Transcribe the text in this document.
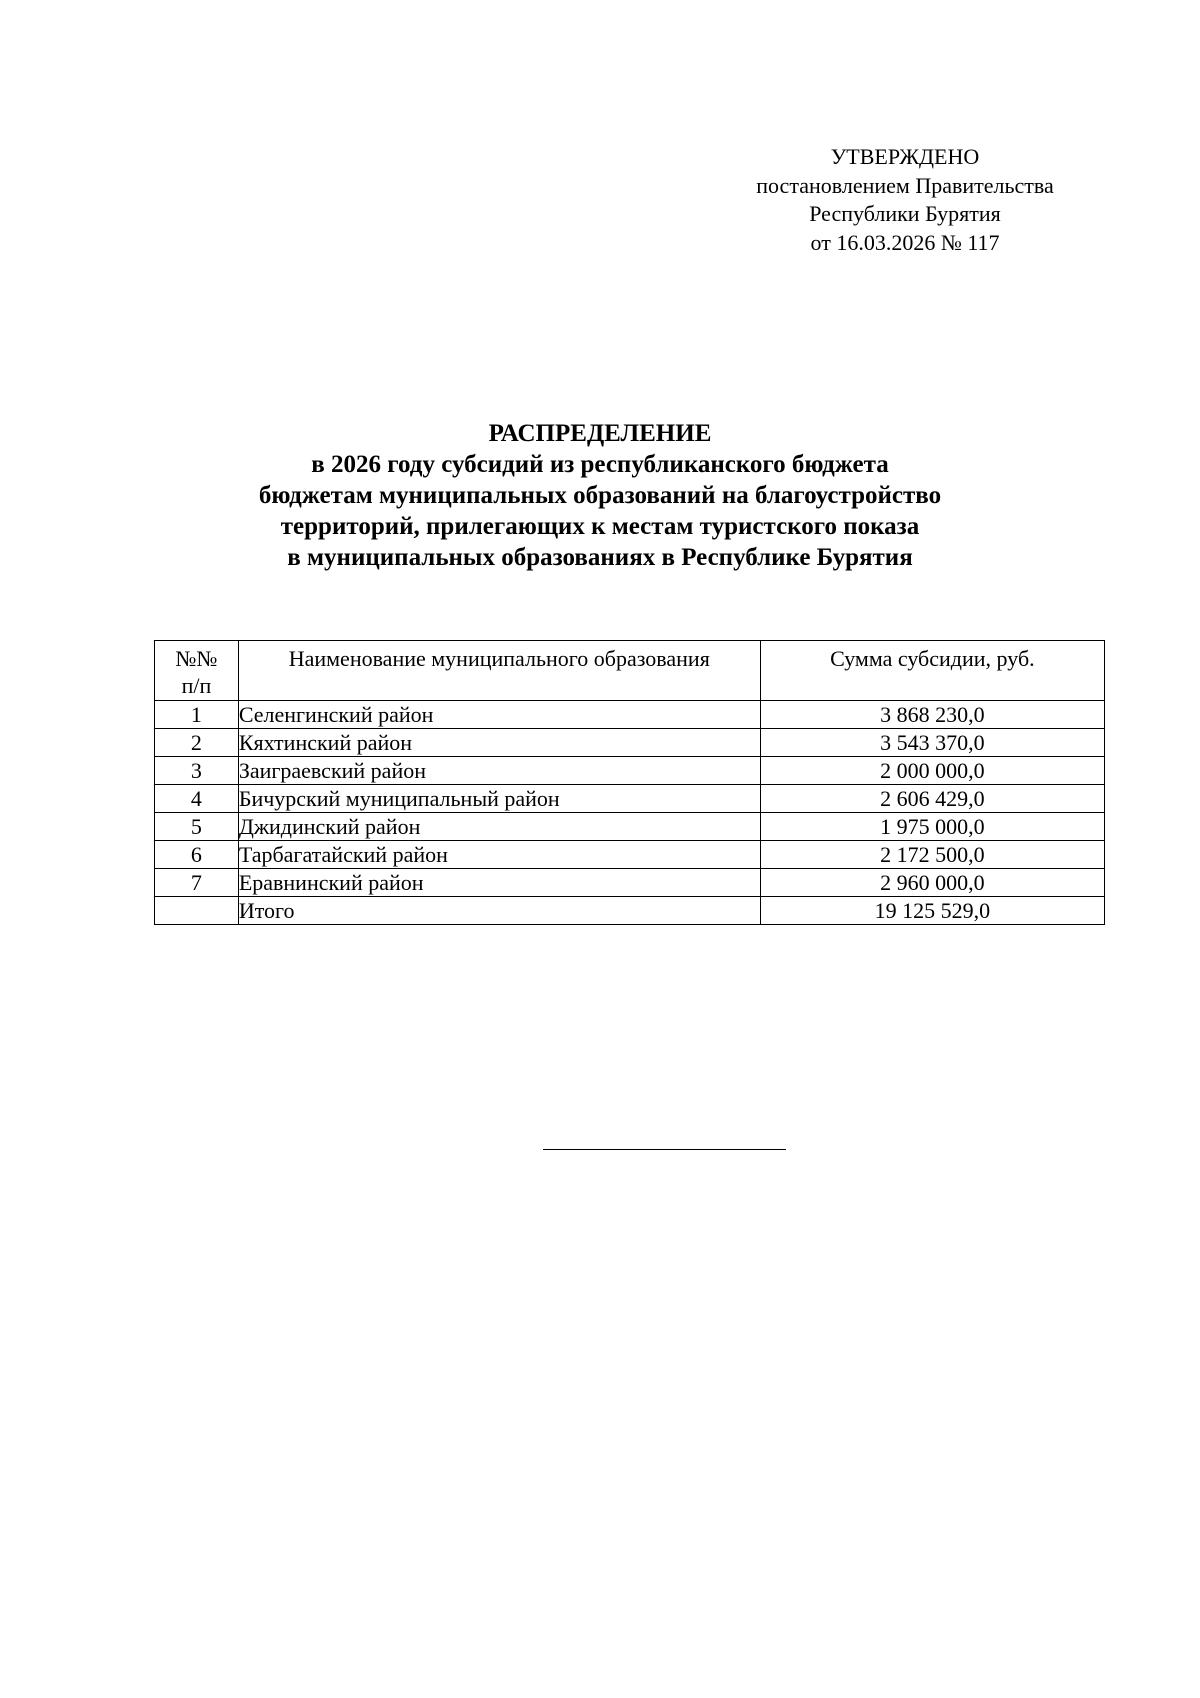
УТВЕРЖДЕНО
постановлением Правительства
Республики Бурятия
от 16.03.2026 № 117
РАСПРЕДЕЛЕНИЕ
в 2026 году субсидий из республиканского бюджета
бюджетам муниципальных образований на благоустройство
территорий, прилегающих к местам туристского показа
в муниципальных образованиях в Республике Бурятия
№№
п/п	Наименование муниципального образования	Сумма субсидии, руб.
1	Селенгинский район	3 868 230,0
2	Кяхтинский район	3 543 370,0
3	Заиграевский район	2 000 000,0
4	Бичурский муниципальный район	2 606 429,0
5	Джидинский район	1 975 000,0
6	Тарбагатайский район	2 172 500,0
7	Еравнинский район	2 960 000,0
	Итого	19 125 529,0
